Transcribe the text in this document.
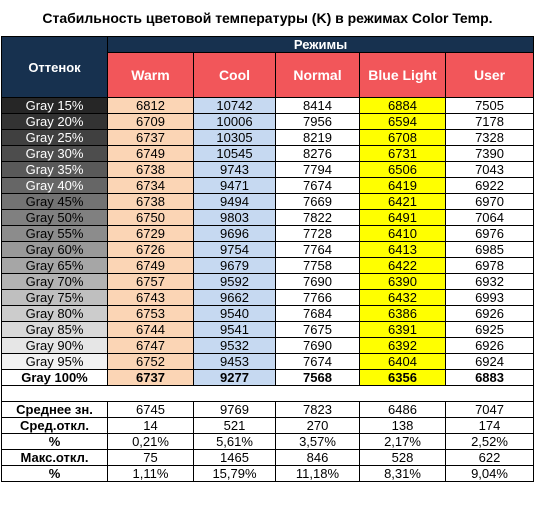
Стабильность цветовой температуры (K) в режимах Color Temp.
Оттенок	Режимы				
	Warm	Cool	Normal	Blue Light	User
Gray 15%	6812	10742	8414	6884	7505
Gray 20%	6709	10006	7956	6594	7178
Gray 25%	6737	10305	8219	6708	7328
Gray 30%	6749	10545	8276	6731	7390
Gray 35%	6738	9743	7794	6506	7043
Gray 40%	6734	9471	7674	6419	6922
Gray 45%	6738	9494	7669	6421	6970
Gray 50%	6750	9803	7822	6491	7064
Gray 55%	6729	9696	7728	6410	6976
Gray 60%	6726	9754	7764	6413	6985
Gray 65%	6749	9679	7758	6422	6978
Gray 70%	6757	9592	7690	6390	6932
Gray 75%	6743	9662	7766	6432	6993
Gray 80%	6753	9540	7684	6386	6926
Gray 85%	6744	9541	7675	6391	6925
Gray 90%	6747	9532	7690	6392	6926
Gray 95%	6752	9453	7674	6404	6924
Gray 100%	6737	9277	7568	6356	6883

Среднее зн.	6745	9769	7823	6486	7047
Сред.откл.	14	521	270	138	174
%	0,21%	5,61%	3,57%	2,17%	2,52%
Макс.откл.	75	1465	846	528	622
%	1,11%	15,79%	11,18%	8,31%	9,04%
